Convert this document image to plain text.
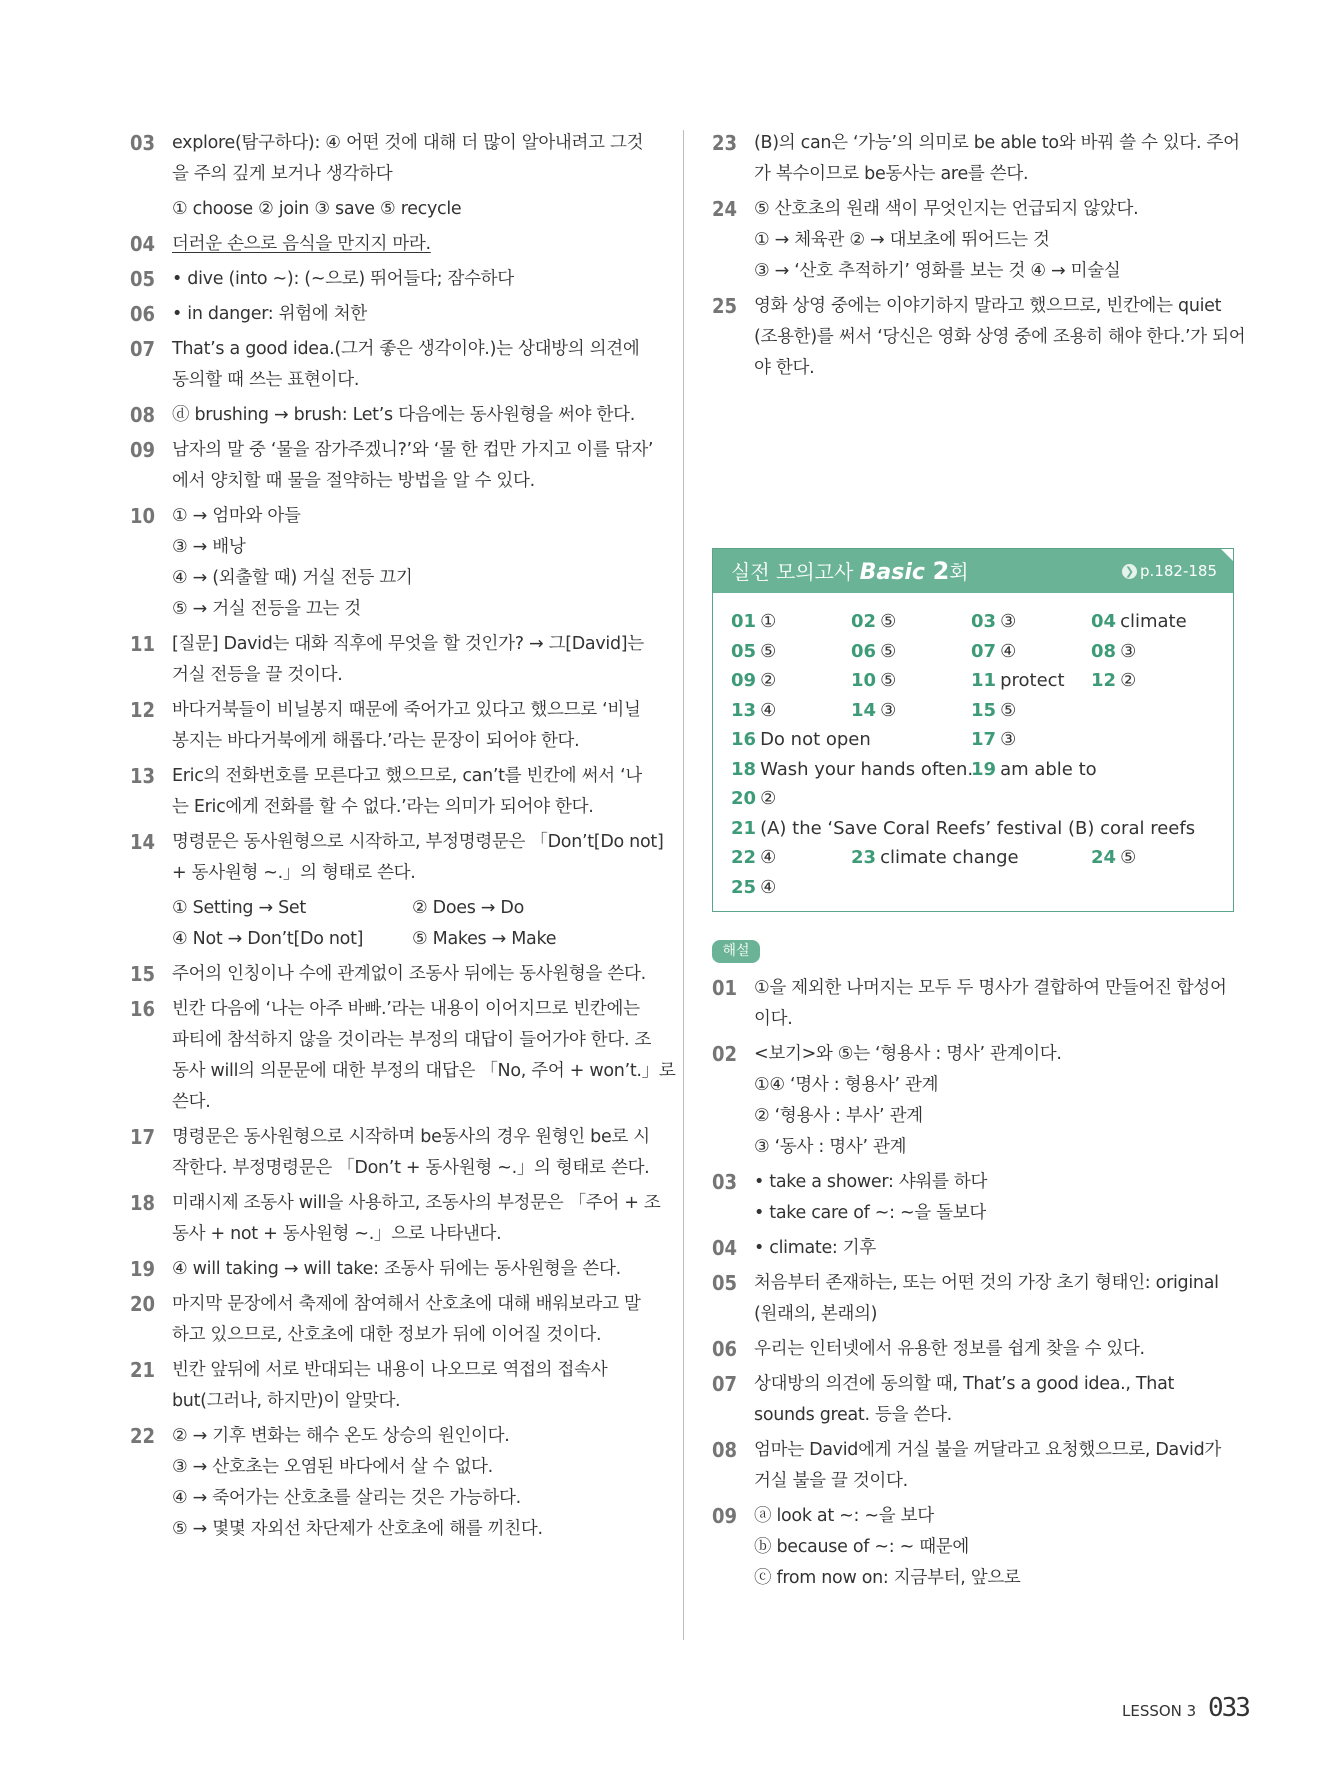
03 explore(탐구하다): ④ 어떤 것에 대해 더 많이 알아내려고 그것
을 주의 깊게 보거나 생각하다
① choose ② join ③ save ⑤ recycle
04 더러운 손으로 음식을 만지지 마라.
05 • dive (into ~): (~으로) 뛰어들다; 잠수하다
06 • in danger: 위험에 처한
07 That’s a good idea.(그거 좋은 생각이야.)는 상대방의 의견에
동의할 때 쓰는 표현이다.
08 ⓓ brushing → brush: Let’s 다음에는 동사원형을 써야 한다.
09 남자의 말 중 ‘물을 잠가주겠니?’와 ‘물 한 컵만 가지고 이를 닦자’
에서 양치할 때 물을 절약하는 방법을 알 수 있다.
10 ① → 엄마와 아들
③ → 배낭
④ → (외출할 때) 거실 전등 끄기
⑤ → 거실 전등을 끄는 것
11 [질문] David는 대화 직후에 무엇을 할 것인가? → 그[David]는
거실 전등을 끌 것이다.
12 바다거북들이 비닐봉지 때문에 죽어가고 있다고 했으므로 ‘비닐
봉지는 바다거북에게 해롭다.’라는 문장이 되어야 한다.
13 Eric의 전화번호를 모른다고 했으므로, can’t를 빈칸에 써서 ‘나
는 Eric에게 전화를 할 수 없다.’라는 의미가 되어야 한다.
14 명령문은 동사원형으로 시작하고, 부정명령문은 「Don’t[Do not]
+ 동사원형 ~.」의 형태로 쓴다.
① Setting → Set	② Does → Do
④ Not → Don’t[Do not]	⑤ Makes → Make
15 주어의 인칭이나 수에 관계없이 조동사 뒤에는 동사원형을 쓴다.
16 빈칸 다음에 ‘나는 아주 바빠.’라는 내용이 이어지므로 빈칸에는
파티에 참석하지 않을 것이라는 부정의 대답이 들어가야 한다. 조
동사 will의 의문문에 대한 부정의 대답은 「No, 주어 + won’t.」로
쓴다.
17 명령문은 동사원형으로 시작하며 be동사의 경우 원형인 be로 시
작한다. 부정명령문은 「Don’t + 동사원형 ~.」의 형태로 쓴다.
18 미래시제 조동사 will을 사용하고, 조동사의 부정문은 「주어 + 조
동사 + not + 동사원형 ~.」으로 나타낸다.
19 ④ will taking → will take: 조동사 뒤에는 동사원형을 쓴다.
20 마지막 문장에서 축제에 참여해서 산호초에 대해 배워보라고 말
하고 있으므로, 산호초에 대한 정보가 뒤에 이어질 것이다.
21 빈칸 앞뒤에 서로 반대되는 내용이 나오므로 역접의 접속사
but(그러나, 하지만)이 알맞다.
22 ② → 기후 변화는 해수 온도 상승의 원인이다.
③ → 산호초는 오염된 바다에서 살 수 없다.
④ → 죽어가는 산호초를 살리는 것은 가능하다.
⑤ → 몇몇 자외선 차단제가 산호초에 해를 끼친다.
23 (B)의 can은 ‘가능’의 의미로 be able to와 바꿔 쓸 수 있다. 주어
가 복수이므로 be동사는 are를 쓴다.
24 ⑤ 산호초의 원래 색이 무엇인지는 언급되지 않았다.
① → 체육관 ② → 대보초에 뛰어드는 것
③ → ‘산호 추적하기’ 영화를 보는 것 ④ → 미술실
25 영화 상영 중에는 이야기하지 말라고 했으므로, 빈칸에는 quiet
(조용한)를 써서 ‘당신은 영화 상영 중에 조용히 해야 한다.’가 되어
야 한다.
실전 모의고사 Basic 2회	❯ p.182-185
01 ①	02 ⑤	03 ③	04 climate
05 ⑤	06 ⑤	07 ④	08 ③
09 ②	10 ⑤	11 protect 12 ②
13 ④	14 ③	15 ⑤
16 Do not open	17 ③
18 Wash your hands often.
19 am able to
20 ②
21 (A) the ‘Save Coral Reefs’ festival (B) coral reefs
22 ④	23 climate change	24 ⑤
25 ④
해설
01 ①을 제외한 나머지는 모두 두 명사가 결합하여 만들어진 합성어
이다.
02 <보기>와 ⑤는 ‘형용사 : 명사’ 관계이다.
①④ ‘명사 : 형용사’ 관계
② ‘형용사 : 부사’ 관계
③ ‘동사 : 명사’ 관계
03 • take a shower: 샤워를 하다
• take care of ~: ~을 돌보다
04 • climate: 기후
05 처음부터 존재하는, 또는 어떤 것의 가장 초기 형태인: original
(원래의, 본래의)
06 우리는 인터넷에서 유용한 정보를 쉽게 찾을 수 있다.
07 상대방의 의견에 동의할 때, That’s a good idea., That
sounds great. 등을 쓴다.
08 엄마는 David에게 거실 불을 꺼달라고 요청했으므로, David가
거실 불을 끌 것이다.
09 ⓐ look at ~: ~을 보다
ⓑ because of ~: ~ 때문에
ⓒ from now on: 지금부터, 앞으로
LESSON 3 033
